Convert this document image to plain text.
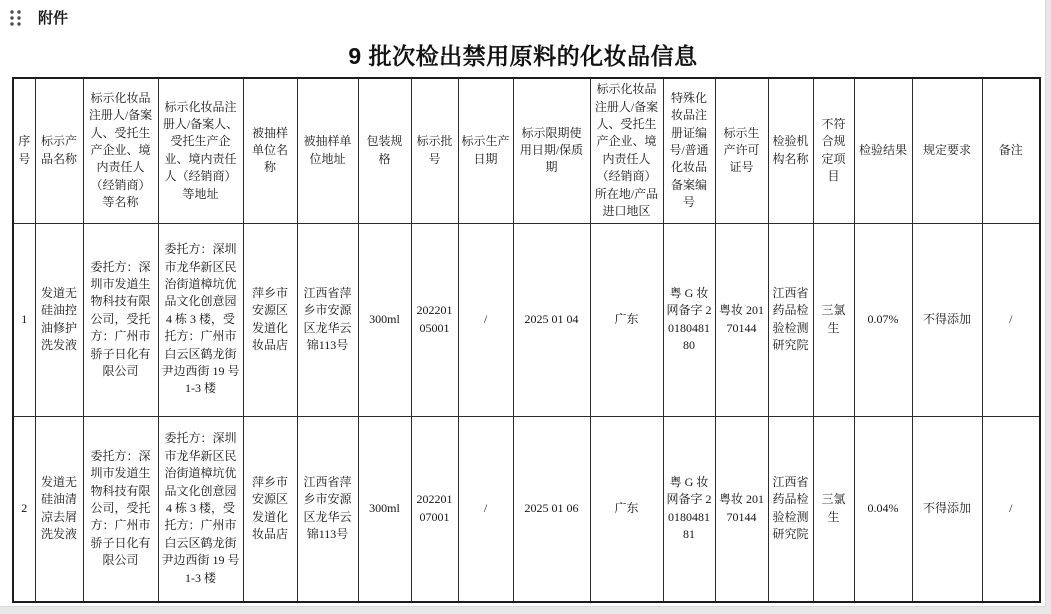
附件
9 批次检出禁用原料的化妆品信息
序号	标示产品名称	标示化妆品注册人/备案人、受托生产企业、境内责任人（经销商）等名称	标示化妆品注册人/备案人、受托生产企业、境内责任人（经销商）等地址	被抽样单位名称	被抽样单位地址	包装规格	标示批号	标示生产日期	标示限期使用日期/保质期	标示化妆品注册人/备案人、受托生产企业、境内责任人（经销商）所在地/产品进口地区	特殊化妆品注册证编号/普通化妆品备案编号	标示生产许可证号	检验机构名称	不符合规定项目	检验结果	规定要求	备注
1	发道无硅油控油修护洗发液	委托方：深圳市发道生物科技有限公司，受托方：广州市骄子日化有限公司	委托方：深圳市龙华新区民治街道樟坑优品文化创意园 4 栋 3 楼，受托方：广州市白云区鹤龙街尹边西街 19 号 1-3 楼	萍乡市安源区发道化妆品店	江西省萍乡市安源区龙华云锦113号	300ml	20220105001	/	2025 01 04	广东	粤 G 妆网备字 2018048180	粤妆 20170144	江西省药品检验检测研究院	三氯生	0.07%	不得添加	/
2	发道无硅油清凉去屑洗发液	委托方：深圳市发道生物科技有限公司，受托方：广州市骄子日化有限公司	委托方：深圳市龙华新区民治街道樟坑优品文化创意园 4 栋 3 楼，受托方：广州市白云区鹤龙街尹边西街 19 号 1-3 楼	萍乡市安源区发道化妆品店	江西省萍乡市安源区龙华云锦113号	300ml	20220107001	/	2025 01 06	广东	粤 G 妆网备字 2018048181	粤妆 20170144	江西省药品检验检测研究院	三氯生	0.04%	不得添加	/
